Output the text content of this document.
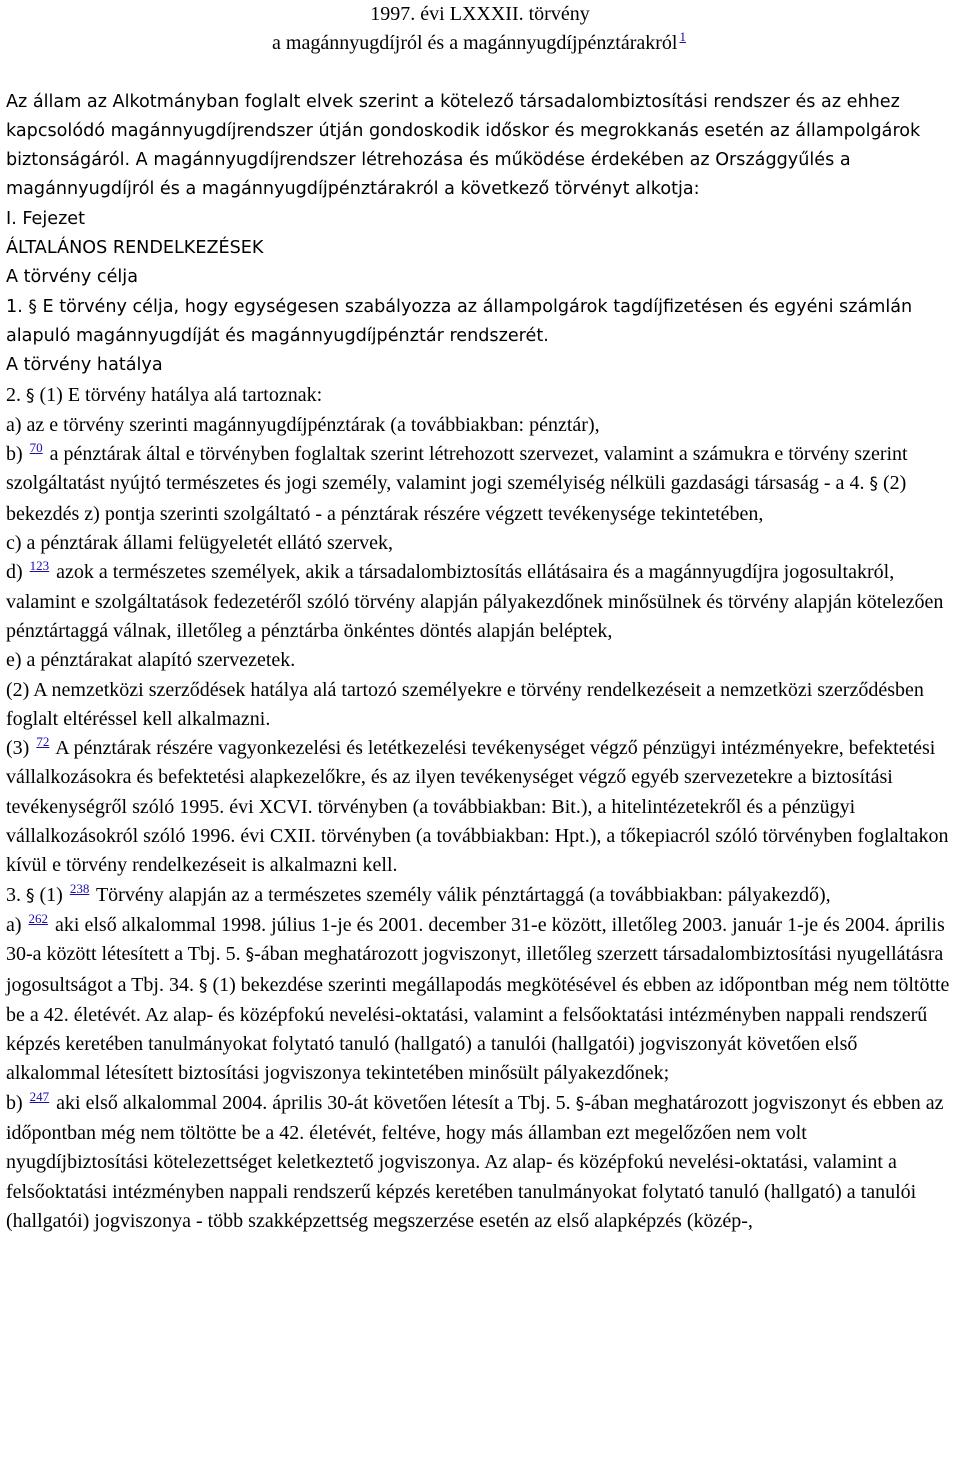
1997. évi LXXXII. törvény
a magánnyugdíjról és a magánnyugdíjpénztárakról $^1$

Az állam az Alkotmányban foglalt elvek szerint a kötelező társadalombiztosítási rendszer és az ehhez kapcsolódó magánnyugdíjrendszer útján gondoskodik időskor és megrokkanás esetén az állampolgárok biztonságáról. A magánnyugdíjrendszer létrehozása és működése érdekében az Országgyűlés a magánnyugdíjról és a magánnyugdíjpénztárakról a következő törvényt alkotja:

I. Fejezet

ÁLTALÁNOS RENDELKEZÉSEK

A törvény célja

1. § E törvény célja, hogy egységesen szabályozza az állampolgárok tagdíjfizetésen és egyéni számlán alapuló magánnyugdíját és magánnyugdíjpénztár rendszerét.

A törvény hatálya

2. § (1) E törvény hatálya alá tartoznak:

a) az e törvény szerinti magánnyugdíjpénztárak (a továbbiakban: pénztár),

b) $^{70}$ a pénztárak által e törvényben foglaltak szerint létrehozott szervezet, valamint a számukra e törvény szerint szolgáltatást nyújtó természetes és jogi személy, valamint jogi személyiség nélküli gazdasági társaság - a 4. § (2) bekezdés z) pontja szerinti szolgáltató - a pénztárak részére végzett tevékenysége tekintetében,

c) a pénztárak állami felügyeletét ellátó szervek,

d) $^{123}$ azok a természetes személyek, akik a társadalombiztosítás ellátásaira és a magánnyugdíjra jogosultakról, valamint e szolgáltatások fedezetéről szóló törvény alapján pályakezdőnek minősülnek és törvény alapján kötelezően pénztártaggá válnak, illetőleg a pénztárba önkéntes döntés alapján beléptek,

e) a pénztárakat alapító szervezetek.

(2) A nemzetközi szerződések hatálya alá tartozó személyekre e törvény rendelkezéseit a nemzetközi szerződésben foglalt eltéréssel kell alkalmazni.

(3) $^{72}$ A pénztárak részére vagyonkezelési és letétkezelési tevékenységet végző pénzügyi intézményekre, befektetési vállalkozásokra és befektetési alapkezelőkre, és az ilyen tevékenységet végző egyéb szervezetekre a biztosítási tevékenységről szóló 1995. évi XCVI. törvényben (a továbbiakban: Bit.), a hitelintézetekről és a pénzügyi vállalkozásokról szóló 1996. évi CXII. törvényben (a továbbiakban: Hpt.), a tőkepiacról szóló törvényben foglaltakon kívül e törvény rendelkezéseit is alkalmazni kell.

3. § (1) $^{238}$ Törvény alapján az a természetes személy válik pénztártaggá (a továbbiakban: pályakezdő),

a) $^{262}$ aki első alkalommal 1998. július 1-je és 2001. december 31-e között, illetőleg 2003. január 1-je és 2004. április 30-a között létesített a Tbj. 5. §-ában meghatározott jogviszonyt, illetőleg szerzett társadalombiztosítási nyugellátásra jogosultságot a Tbj. 34. § (1) bekezdése szerinti megállapodás megkötésével és ebben az időpontban még nem töltötte be a 42. életévét. Az alap- és középfokú nevelési-oktatási, valamint a felsőoktatási intézményben nappali rendszerű képzés keretében tanulmányokat folytató tanuló (hallgató) a tanulói (hallgatói) jogviszonyát követően első alkalommal létesített biztosítási jogviszonya tekintetében minősült pályakezdőnek;

b) $^{247}$ aki első alkalommal 2004. április 30-át követően létesít a Tbj. 5. §-ában meghatározott jogviszonyt és ebben az időpontban még nem töltötte be a 42. életévét, feltéve, hogy más államban ezt megelőzően nem volt nyugdíjbiztosítási kötelezettséget keletkeztető jogviszonya. Az alap- és középfokú nevelési-oktatási, valamint a felsőoktatási intézményben nappali rendszerű képzés keretében tanulmányokat folytató tanuló (hallgató) a tanulói (hallgatói) jogviszonya - több szakképzettség megszerzése esetén az első alapképzés (közép-,
